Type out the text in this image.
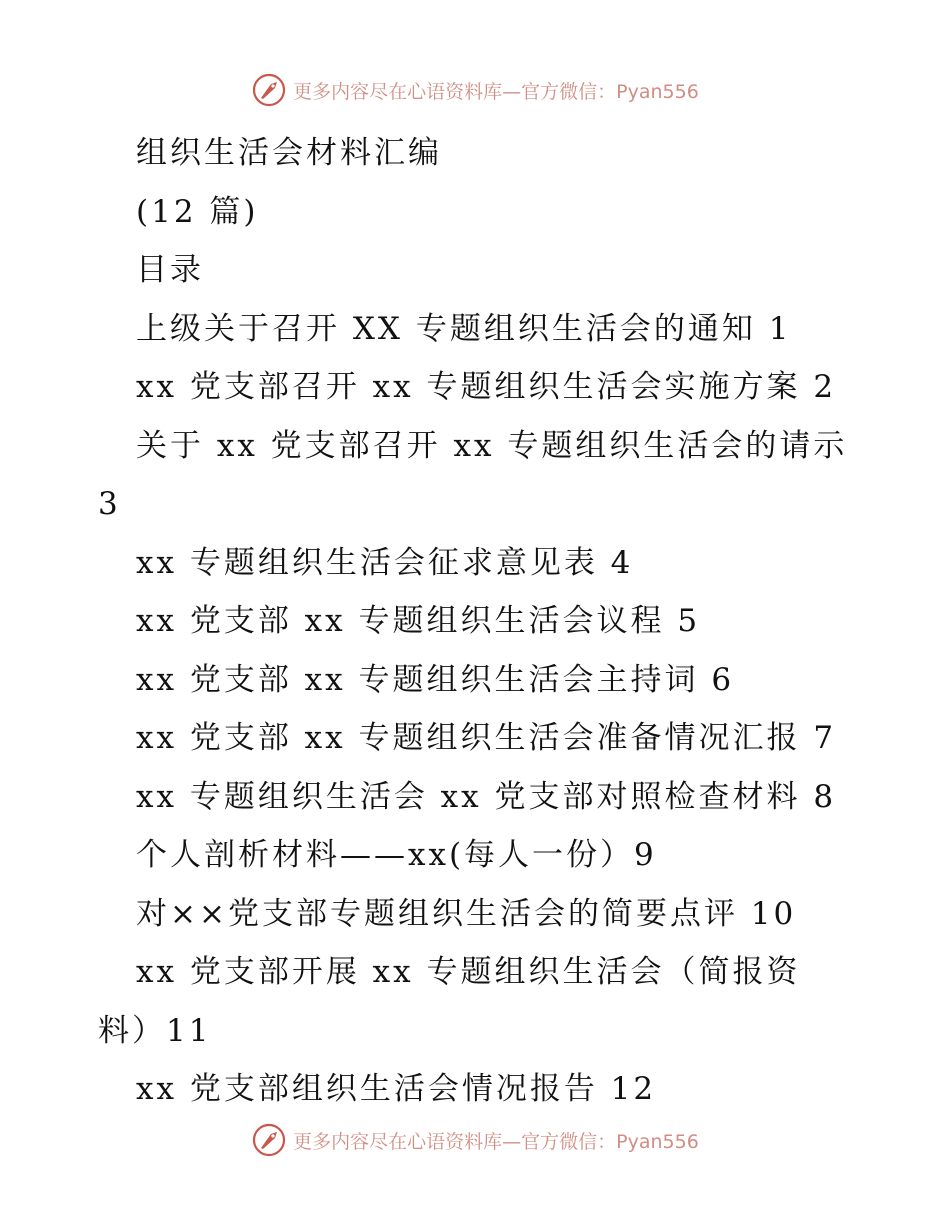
更多内容尽在心语资料库—官方微信：Pyan556
组织生活会材料汇编
(12 篇)
目录
上级关于召开 XX 专题组织生活会的通知 1
xx 党支部召开 xx 专题组织生活会实施方案 2
关于 xx 党支部召开 xx 专题组织生活会的请示
3
xx 专题组织生活会征求意见表 4
xx 党支部 xx 专题组织生活会议程 5
xx 党支部 xx 专题组织生活会主持词 6
xx 党支部 xx 专题组织生活会准备情况汇报 7
xx 专题组织生活会 xx 党支部对照检查材料 8
个人剖析材料——xx(每人一份）9
对××党支部专题组织生活会的简要点评 10
xx 党支部开展 xx 专题组织生活会（简报资
料）11
xx 党支部组织生活会情况报告 12
更多内容尽在心语资料库—官方微信：Pyan556
